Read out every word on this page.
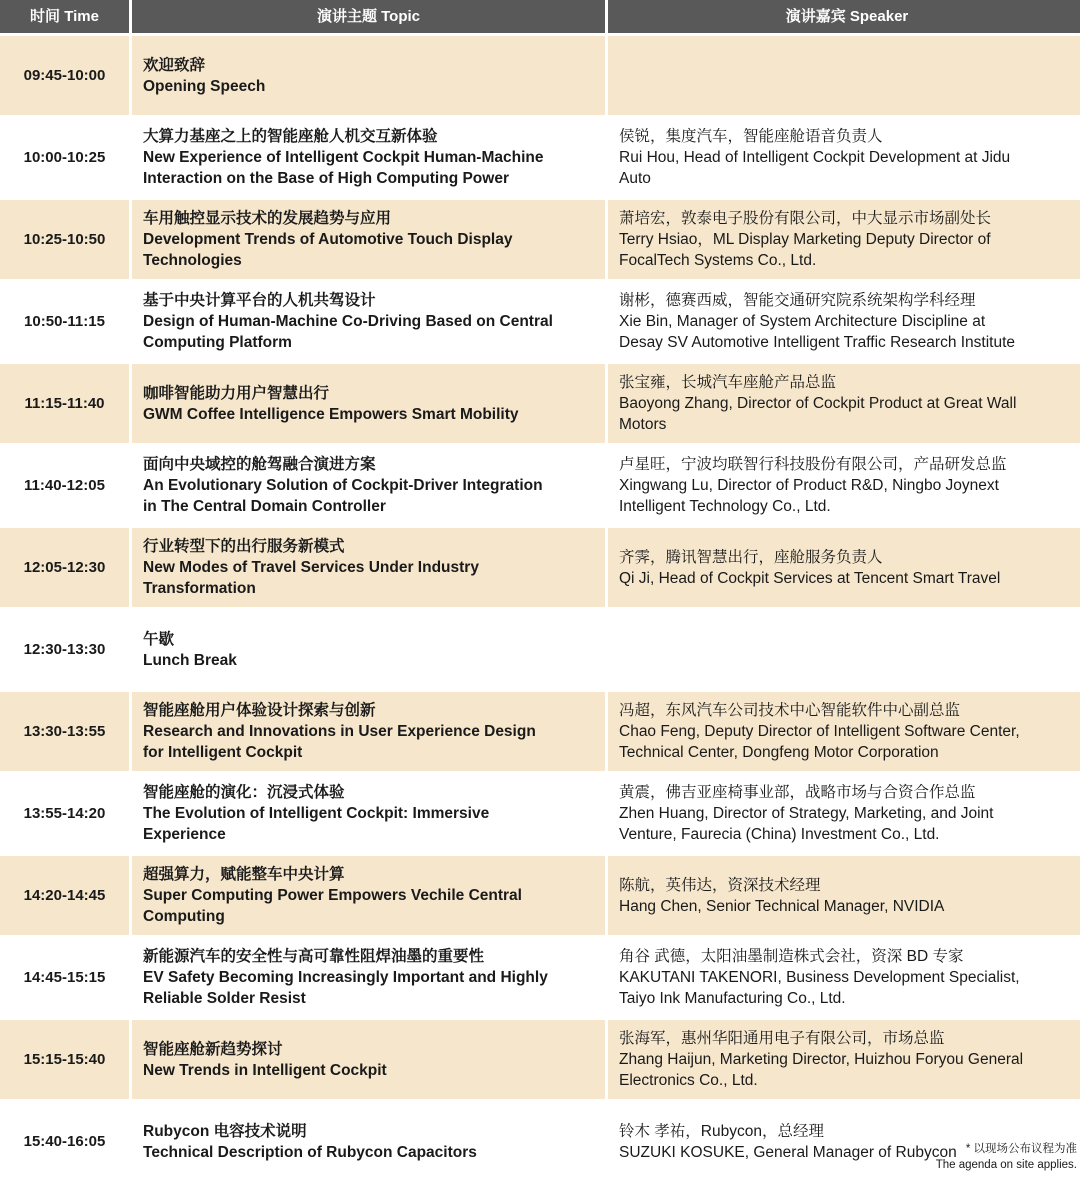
时间 Time	演讲主题 Topic	演讲嘉宾 Speaker
09:45-10:00
欢迎致辞
Opening Speech
10:00-10:25
大算力基座之上的智能座舱人机交互新体验
New Experience of Intelligent Cockpit Human-Machine
Interaction on the Base of High Computing Power
侯锐，集度汽车，智能座舱语音负责人
Rui Hou, Head of Intelligent Cockpit Development at Jidu
Auto
10:25-10:50
车用触控显示技术的发展趋势与应用
Development Trends of Automotive Touch Display
Technologies
萧培宏，敦泰电子股份有限公司，中大显示市场副处长
Terry Hsiao，ML Display Marketing Deputy Director of
FocalTech Systems Co., Ltd.
10:50-11:15
基于中央计算平台的人机共驾设计
Design of Human-Machine Co-Driving Based on Central
Computing Platform
谢彬，德赛西威，智能交通研究院系统架构学科经理
Xie Bin, Manager of System Architecture Discipline at
Desay SV Automotive Intelligent Traffic Research Institute
11:15-11:40
咖啡智能助力用户智慧出行
GWM Coffee Intelligence Empowers Smart Mobility
张宝雍，长城汽车座舱产品总监
Baoyong Zhang, Director of Cockpit Product at Great Wall
Motors
11:40-12:05
面向中央域控的舱驾融合演进方案
An Evolutionary Solution of Cockpit-Driver Integration
in The Central Domain Controller
卢星旺，宁波均联智行科技股份有限公司，产品研发总监
Xingwang Lu, Director of Product R&D, Ningbo Joynext
Intelligent Technology Co., Ltd.
12:05-12:30
行业转型下的出行服务新模式
New Modes of Travel Services Under Industry
Transformation
齐霁，腾讯智慧出行，座舱服务负责人
Qi Ji, Head of Cockpit Services at Tencent Smart Travel
12:30-13:30
午歇
Lunch Break
13:30-13:55
智能座舱用户体验设计探索与创新
Research and Innovations in User Experience Design
for Intelligent Cockpit
冯超，东风汽车公司技术中心智能软件中心副总监
Chao Feng, Deputy Director of Intelligent Software Center,
Technical Center, Dongfeng Motor Corporation
13:55-14:20
智能座舱的演化：沉浸式体验
The Evolution of Intelligent Cockpit: Immersive
Experience
黄震，佛吉亚座椅事业部，战略市场与合资合作总监
Zhen Huang, Director of Strategy, Marketing, and Joint
Venture, Faurecia (China) Investment Co., Ltd.
14:20-14:45
超强算力，赋能整车中央计算
Super Computing Power Empowers Vechile Central
Computing
陈航，英伟达，资深技术经理
Hang Chen, Senior Technical Manager, NVIDIA
14:45-15:15
新能源汽车的安全性与高可靠性阻焊油墨的重要性
EV Safety Becoming Increasingly Important and Highly
Reliable Solder Resist
角谷 武德，太阳油墨制造株式会社，资深 BD 专家
KAKUTANI TAKENORI, Business Development Specialist,
Taiyo Ink Manufacturing Co., Ltd.
15:15-15:40
智能座舱新趋势探讨
New Trends in Intelligent Cockpit
张海军，惠州华阳通用电子有限公司，市场总监
Zhang Haijun, Marketing Director, Huizhou Foryou General
Electronics Co., Ltd.
15:40-16:05
Rubycon 电容技术说明
Technical Description of Rubycon Capacitors
铃木 孝祐，Rubycon，总经理
SUZUKI KOSUKE, General Manager of Rubycon * 以现场公布议程为准
The agenda on site applies.
